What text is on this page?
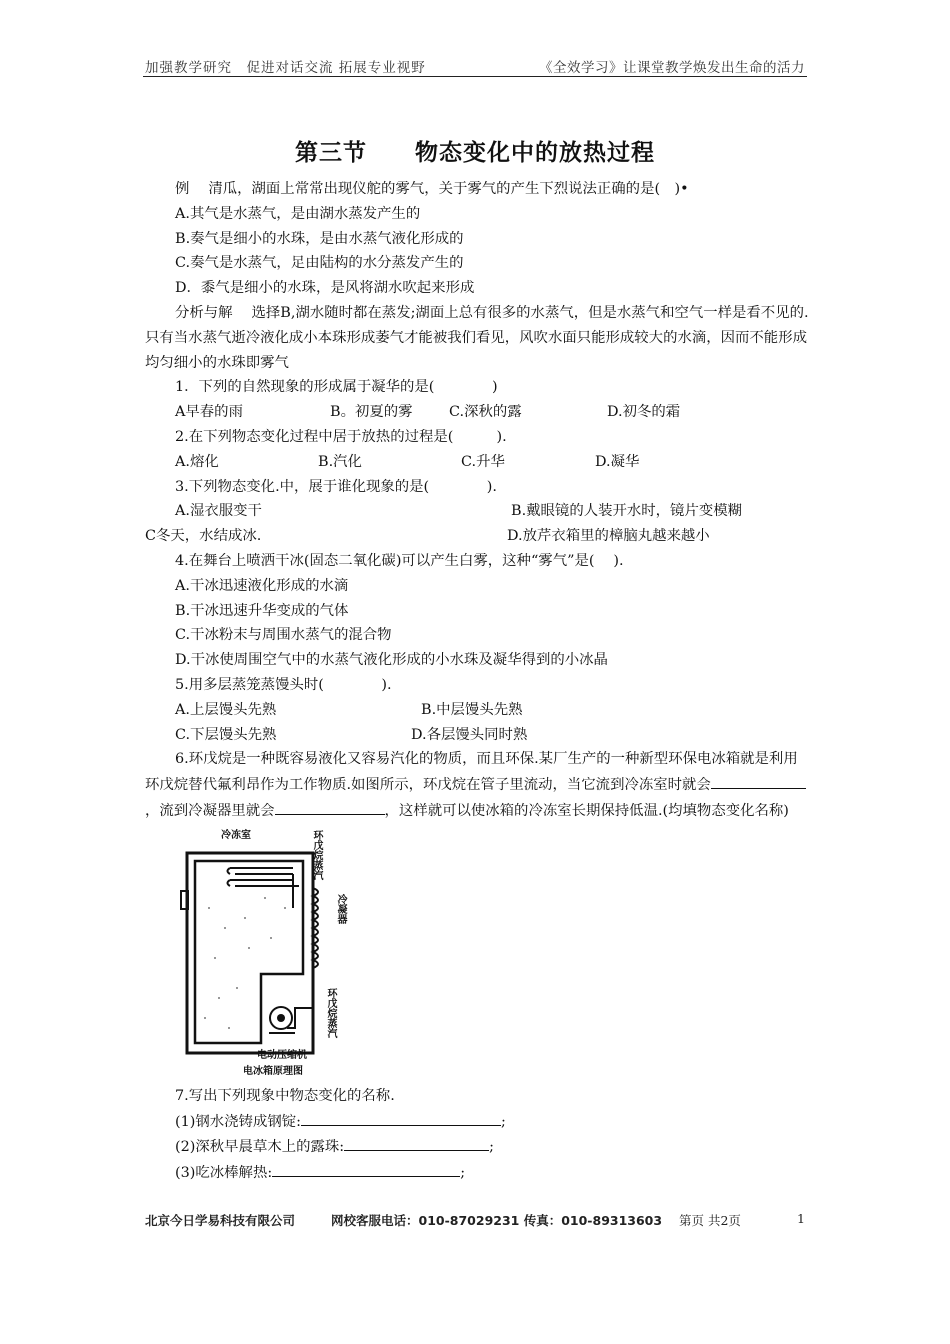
加强教学研究　促进对话交流 拓展专业视野	《全效学习》让课堂教学焕发出生命的活力
第三节　　物态变化中的放热过程

例　 清瓜，湖面上常常出现仪舵的雾气，关于雾气的产生下烈说法正确的是(　)•

A.其气是水蒸气，是由湖水蒸发产生的

B.奏气是细小的水珠，是由水蒸气液化形成的

C.奏气是水蒸气，足由陆构的水分蒸发产生的

D．黍气是细小的水珠，是风将湖水吹起来形成

分析与解　 选择B,湖水随时都在蒸发;湖面上总有很多的水蒸气，但是水蒸气和空气一样是看不见的.只有当水蒸气逝冷液化成小本珠形成萎气才能被我们看见，风吹水面只能形成较大的水滴，因而不能形成均匀细小的水珠即雾气

1．下列的自然现象的形成属于凝华的是(　　　　)

A早春的雨	B。初夏的雾	C.深秋的露	D.初冬的霜

2.在下列物态变化过程中居于放热的过程是(　　　).

A.熔化	B.汽化	C.升华	D.凝华

3.下列物态变化.中，展于谁化现象的是(　　　　).

A.湿衣服变干	B.戴眼镜的人装开水时，镜片变模糊
C冬天，水结成冰.	D.放芹衣箱里的樟脑丸越来越小

4.在舞台上喷洒干冰(固态二氧化碳)可以产生白雾，这种“雾气”是(　 ).

A.干冰迅速液化形成的水滴

B.干冰迅速升华变成的气体

C.干冰粉末与周围水蒸气的混合物

D.干冰使周围空气中的水蒸气液化形成的小水珠及凝华得到的小冰晶

5.用多层蒸笼蒸馒头时(　　　　).

A.上层馒头先熟	B.中层馒头先熟
C.下层馒头先熟	D.各层馒头同时熟

6.环戊烷是一种既容易液化又容易汽化的物质，而且环保.某厂生产的一种新型环保电冰箱就是利用环戊烷替代氟利昂作为工作物质.如图所示，环戊烷在管子里流动，当它流到冷冻室时就会，流到冷凝器里就会	，这样就可以使冰箱的冷冻室长期保持低温.(均填物态变化名称)

冷冻室	环戊烷蒸汽
冷凝器
环戊烷蒸汽
电动压缩机
电冰箱原理图

7.写出下列现象中物态变化的名称.

(1)钢水浇铸成钢锭:	;

(2)深秋早晨草木上的露珠:	;

(3)吃冰棒解热:	;

北京今日学易科技有限公司	网校客服电话：010-87029231 传真：010-89313603 第页 共2页	1
